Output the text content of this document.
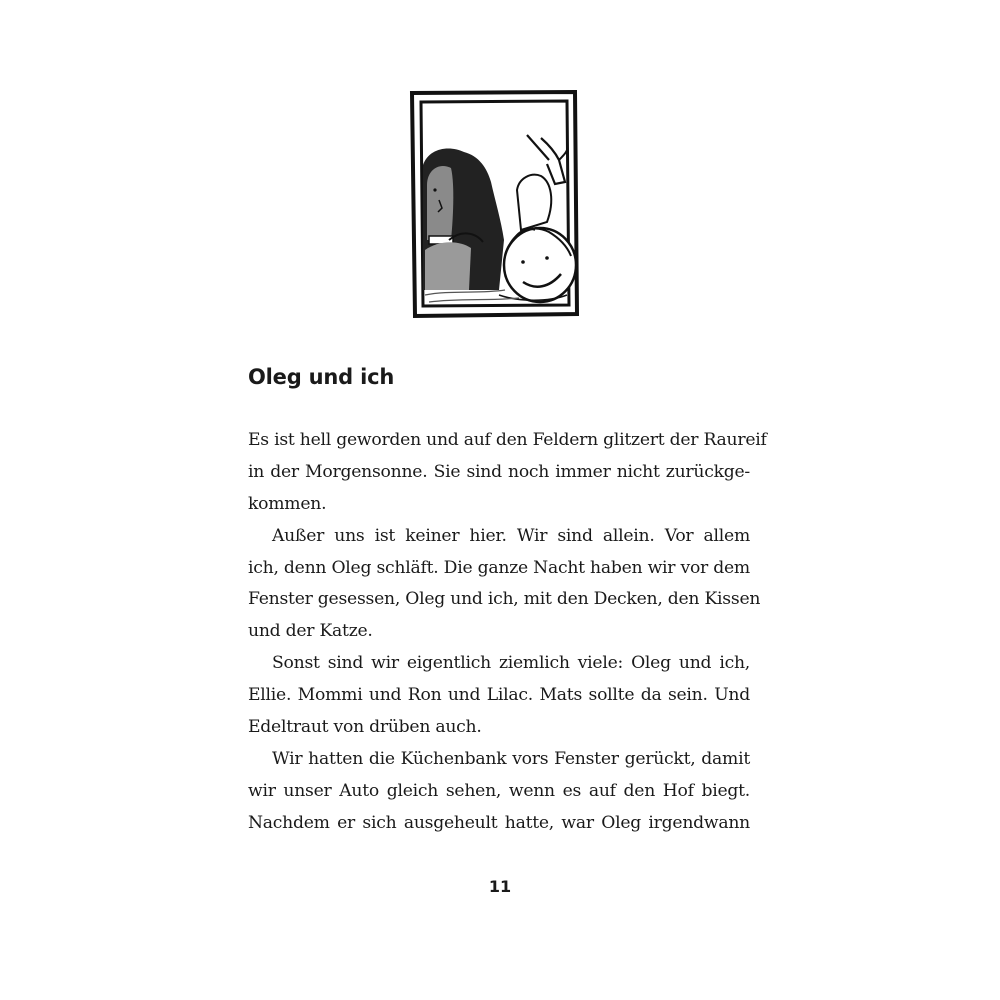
Oleg und ich
Es ist hell geworden und auf den Feldern glitzert der Raureif
in der Morgensonne. Sie sind noch immer nicht zurückge-
kommen.
Außer uns ist keiner hier. Wir sind allein. Vor allem
ich, denn Oleg schläft. Die ganze Nacht haben wir vor dem
Fenster gesessen, Oleg und ich, mit den Decken, den Kissen
und der Katze.
Sonst sind wir eigentlich ziemlich viele: Oleg und ich,
Ellie. Mommi und Ron und Lilac. Mats sollte da sein. Und
Edeltraut von drüben auch.
Wir hatten die Küchenbank vors Fenster gerückt, damit
wir unser Auto gleich sehen, wenn es auf den Hof biegt.
Nachdem er sich ausgeheult hatte, war Oleg irgendwann
11
